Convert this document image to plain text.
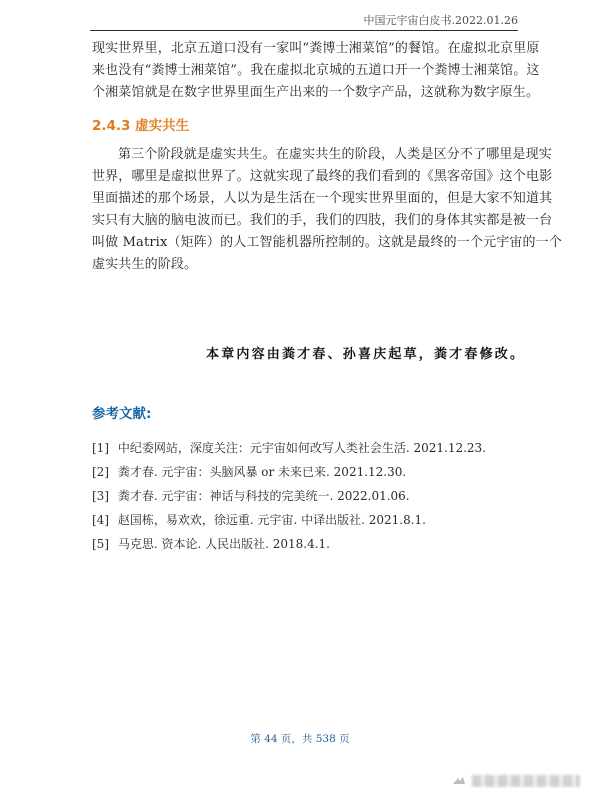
中国元宇宙白皮书.2022.01.26
现实世界里，北京五道口没有一家叫“粪博士湘菜馆”的餐馆。在虚拟北京里原
来也没有“粪博士湘菜馆”。我在虚拟北京城的五道口开一个粪博士湘菜馆。这
个湘菜馆就是在数字世界里面生产出来的一个数字产品，这就称为数字原生。
2.4.3 虚实共生
第三个阶段就是虚实共生。在虚实共生的阶段，人类是区分不了哪里是现实
世界，哪里是虚拟世界了。这就实现了最终的我们看到的《黑客帝国》这个电影
里面描述的那个场景，人以为是生活在一个现实世界里面的，但是大家不知道其
实只有大脑的脑电波而已。我们的手，我们的四肢，我们的身体其实都是被一台
叫做 Matrix（矩阵）的人工智能机器所控制的。这就是最终的一个元宇宙的一个
虚实共生的阶段。
本章内容由粪才春、孙喜庆起草，粪才春修改。
参考文献:
[1] 中纪委网站，深度关注：元宇宙如何改写人类社会生活. 2021.12.23.
[2] 粪才春. 元宇宙：头脑风暴 or 未来已来. 2021.12.30.
[3] 粪才春. 元宇宙：神话与科技的完美统一. 2022.01.06.
[4] 赵国栋，易欢欢，徐远重. 元宇宙. 中译出版社. 2021.8.1.
[5] 马克思. 资本论. 人民出版社. 2018.4.1.
第 44 页，共 538 页
